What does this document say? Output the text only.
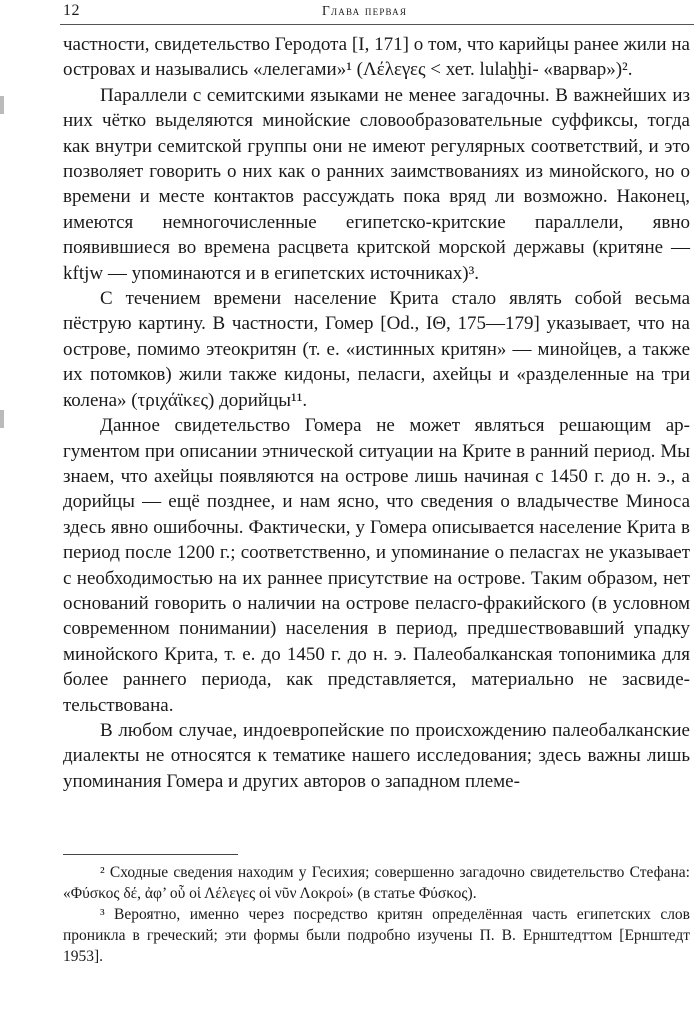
12	Глава первая

частности, свидетельство Геродота [I, 171] о том, что карийцы ранее жили на островах и назывались «лелегами»¹ (Λέλεγες < хет. lulaḫḫi- «варвар»)².

Параллели с семитскими языками не менее загадочны. В важнейших из них чётко выделяются минойские словообразовательные суффиксы, тогда как внутри семитской группы они не имеют регулярных соответствий, и это позволяет говорить о них как о ранних заимствованиях из минойского, но о времени и месте контактов рассуждать пока вряд ли возможно. Наконец, имеются немногочисленные египетско-критские параллели, явно появившиеся во времена расцвета критской морской державы (критяне — kftjw — упоминаются и в египетских источниках)³.

С течением времени население Крита стало являть собой весьма пёструю картину. В частности, Гомер [Od., IΘ, 175—179] указывает, что на острове, помимо этеокритян (т. е. «истинных критян» — минойцев, а также их потомков) жили также кидоны, пеласги, ахейцы и «разделенные на три колена» (τριχάϊκες) дорийцы¹¹.

Данное свидетельство Гомера не может являться решающим аргументом при описании этнической ситуации на Крите в ранний период. Мы знаем, что ахейцы появляются на острове лишь начиная с 1450 г. до н. э., а дорийцы — ещё позднее, и нам ясно, что сведения о владычестве Миноса здесь явно ошибочны. Фактически, у Гомера описывается население Крита в период после 1200 г.; соответственно, и упоминание о пеласгах не указывает с необходимостью на их раннее присутствие на острове. Таким образом, нет оснований говорить о наличии на острове пеласго-фракийского (в условном современном понимании) населения в период, предшествовавший упадку минойского Крита, т. е. до 1450 г. до н. э. Палеобалканская топонимика для более раннего периода, как представляется, материально не засвидетельствована.

В любом случае, индоевропейские по происхождению палеобалканские диалекты не относятся к тематике нашего исследования; здесь важны лишь упоминания Гомера и других авторов о западном племе-

² Сходные сведения находим у Гесихия; совершенно загадочно свидетельство Стефана: «Φύσκος δέ, ἀφ’ οὗ οἱ Λέλεγες οἱ νῦν Λοκροί» (в статье Φύσκος).

³ Вероятно, именно через посредство критян определённая часть египетских слов проникла в греческий; эти формы были подробно изучены П. В. Ернштедттом [Ернштедт 1953].
